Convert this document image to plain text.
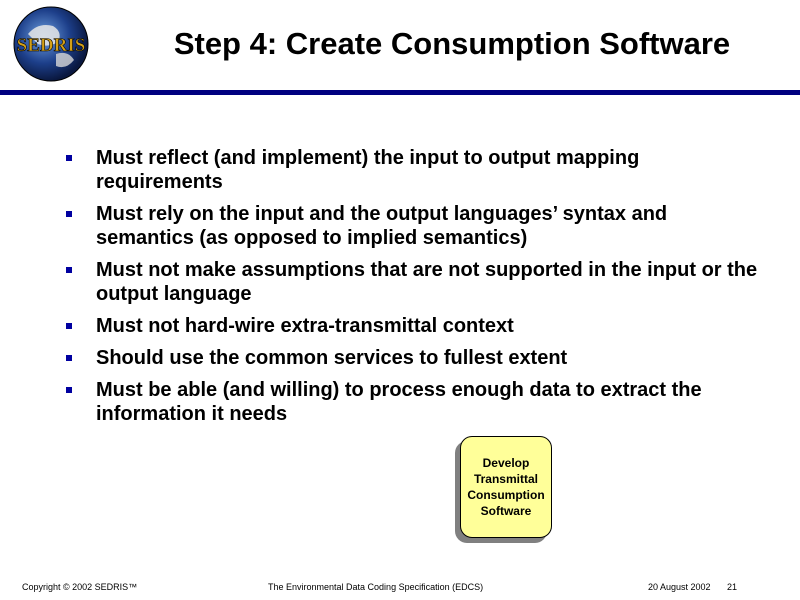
SEDRIS	Step 4: Create Consumption Software
Must reflect (and implement) the input to output mapping requirements
Must rely on the input and the output languages’ syntax and semantics (as opposed to implied semantics)
Must not make assumptions that are not supported in the input or the output language
Must not hard-wire extra-transmittal context
Should use the common services to fullest extent
Must be able (and willing) to process enough data to extract the information it needs
Develop
Transmittal
Consumption
Software
Copyright © 2002 SEDRIS™	The Environmental Data Coding Specification (EDCS)	20 August 2002 21
